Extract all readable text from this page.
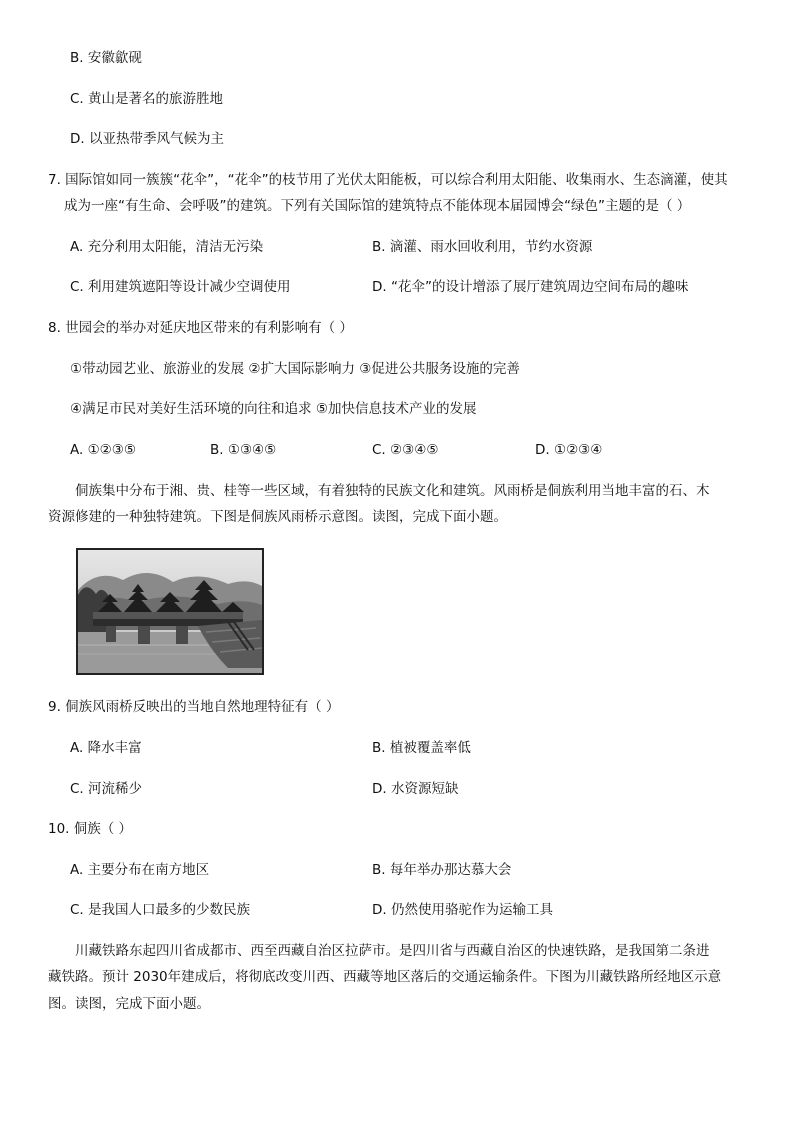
B. 安徽歙砚
C. 黄山是著名的旅游胜地
D. 以亚热带季风气候为主
7. 国际馆如同一簇簇“花伞”，“花伞”的枝节用了光伏太阳能板，可以综合利用太阳能、收集雨水、生态滴灌，使其
成为一座“有生命、会呼吸”的建筑。下列有关国际馆的建筑特点不能体现本届园博会“绿色”主题的是（ ）
A. 充分利用太阳能，清洁无污染	B. 滴灌、雨水回收利用，节约水资源
C. 利用建筑遮阳等设计减少空调使用	D. “花伞”的设计增添了展厅建筑周边空间布局的趣味
8. 世园会的举办对延庆地区带来的有利影响有（ ）
①带动园艺业、旅游业的发展 ②扩大国际影响力 ③促进公共服务设施的完善
④满足市民对美好生活环境的向往和追求 ⑤加快信息技术产业的发展
A. ①②③⑤	B. ①③④⑤	C. ②③④⑤	D. ①②③④
侗族集中分布于湘、贵、桂等一些区域，有着独特的民族文化和建筑。风雨桥是侗族利用当地丰富的石、木
资源修建的一种独特建筑。下图是侗族风雨桥示意图。读图，完成下面小题。
9. 侗族风雨桥反映出的当地自然地理特征有（ ）
A. 降水丰富	B. 植被覆盖率低
C. 河流稀少	D. 水资源短缺
10. 侗族（ ）
A. 主要分布在南方地区	B. 每年举办那达慕大会
C. 是我国人口最多的少数民族	D. 仍然使用骆驼作为运输工具
川藏铁路东起四川省成都市、西至西藏自治区拉萨市。是四川省与西藏自治区的快速铁路，是我国第二条进
藏铁路。预计 2030年建成后，将彻底改变川西、西藏等地区落后的交通运输条件。下图为川藏铁路所经地区示意
图。读图，完成下面小题。
